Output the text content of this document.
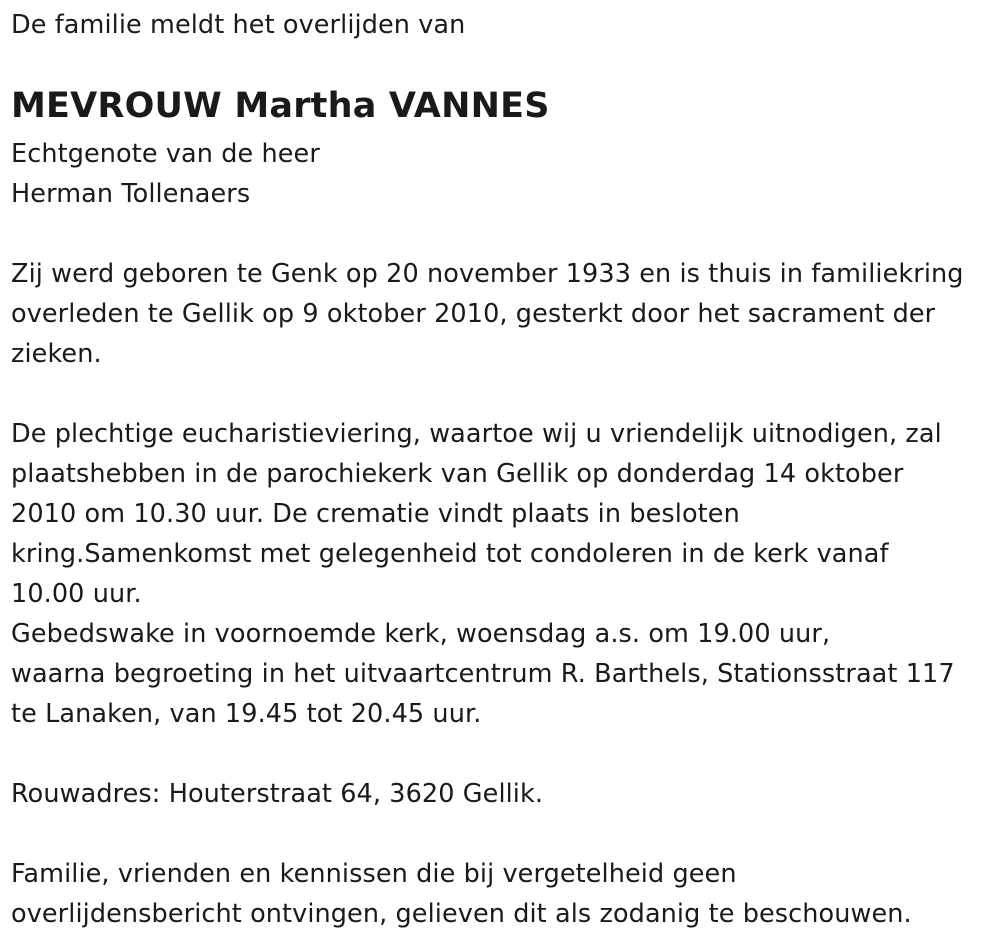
De familie meldt het overlijden van
MEVROUW Martha VANNES
Echtgenote van de heer
Herman Tollenaers
Zij werd geboren te Genk op 20 november 1933 en is thuis in familiekring
overleden te Gellik op 9 oktober 2010, gesterkt door het sacrament der
zieken.
De plechtige eucharistieviering, waartoe wij u vriendelijk uitnodigen, zal
plaatshebben in de parochiekerk van Gellik op donderdag 14 oktober
2010 om 10.30 uur. De crematie vindt plaats in besloten
kring.Samenkomst met gelegenheid tot condoleren in de kerk vanaf
10.00 uur.
Gebedswake in voornoemde kerk, woensdag a.s. om 19.00 uur,
waarna begroeting in het uitvaartcentrum R. Barthels, Stationsstraat 117
te Lanaken, van 19.45 tot 20.45 uur.
Rouwadres: Houterstraat 64, 3620 Gellik.
Familie, vrienden en kennissen die bij vergetelheid geen
overlijdensbericht ontvingen, gelieven dit als zodanig te beschouwen.
